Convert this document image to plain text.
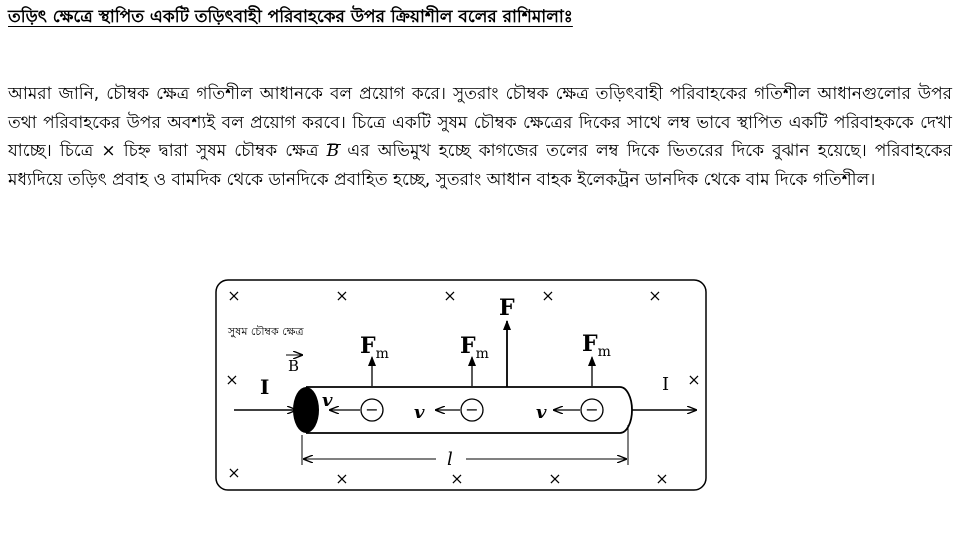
তড়িৎ ক্ষেত্রে স্থাপিত একটি তড়িৎবাহী পরিবাহকের উপর ক্রিয়াশীল বলের রাশিমালাঃ
আমরা জানি, চৌম্বক ক্ষেত্র গতিশীল আধানকে বল প্রয়োগ করে। সুতরাং চৌম্বক ক্ষেত্র তড়িৎবাহী পরিবাহকের গতিশীল আধানগুলোর উপর তথা পরিবাহকের উপর অবশ্যই বল প্রয়োগ করবে। চিত্রে একটি সুষম চৌম্বক ক্ষেত্রের দিকের সাথে লম্ব ভাবে স্থাপিত একটি পরিবাহককে দেখা যাচ্ছে। চিত্রে × চিহ্ন দ্বারা সুষম চৌম্বক ক্ষেত্র B এর অভিমুখ হচ্ছে কাগজের তলের লম্ব দিকে ভিতরের দিকে বুঝান হয়েছে। পরিবাহকের মধ্যদিয়ে তড়িৎ প্রবাহ ও বামদিক থেকে ডানদিকে প্রবাহিত হচ্ছে, সুতরাং আধান বাহক ইলেকট্রন ডানদিক থেকে বাম দিকে গতিশীল।
×	×	×	×	×
×	×
×	×	×	×	×
সুষম চৌম্বক ক্ষেত্র
B
I	I
F
$F_m$
v −
$F_m$
v	−
$F_m$
v −
l
